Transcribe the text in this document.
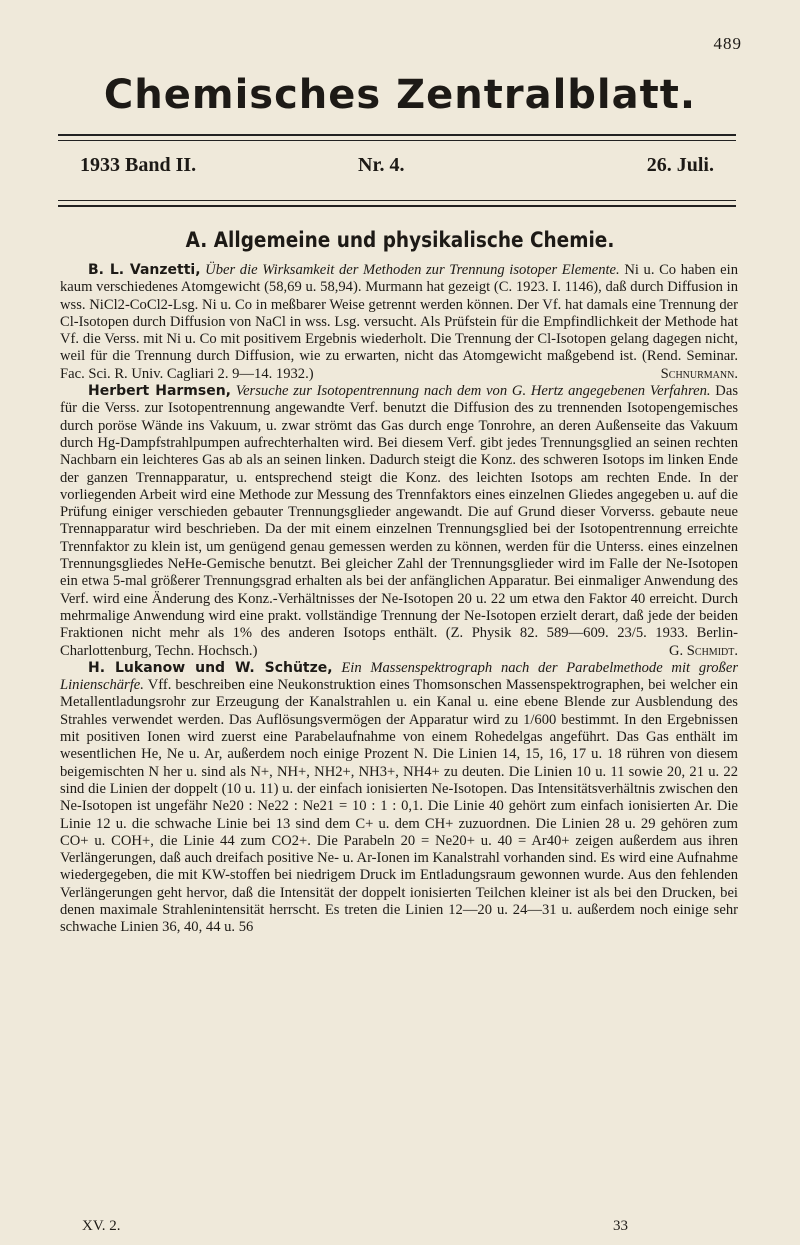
489
Chemisches Zentralblatt.
1933 Band II.	Nr. 4.	26. Juli.
A. Allgemeine und physikalische Chemie.

B. L. Vanzetti, Über die Wirksamkeit der Methoden zur Trennung isotoper Elemente. Ni u. Co haben ein kaum verschiedenes Atomgewicht (58,69 u. 58,94). Murmann hat gezeigt (C. 1923. I. 1146), daß durch Diffusion in wss. NiCl2-CoCl2-Lsg. Ni u. Co in meßbarer Weise getrennt werden können. Der Vf. hat damals eine Trennung der Cl-Isotopen durch Diffusion von NaCl in wss. Lsg. versucht. Als Prüfstein für die Empfindlichkeit der Methode hat Vf. die Verss. mit Ni u. Co mit positivem Ergebnis wiederholt. Die Trennung der Cl-Isotopen gelang dagegen nicht, weil für die Trennung durch Diffusion, wie zu erwarten, nicht das Atomgewicht maßgebend ist. (Rend. Seminar. Fac. Sci. R. Univ. Cagliari 2. 9—14. 1932.)	Schnurmann.

Herbert Harmsen, Versuche zur Isotopentrennung nach dem von G. Hertz angegebenen Verfahren. Das für die Verss. zur Isotopentrennung angewandte Verf. benutzt die Diffusion des zu trennenden Isotopengemisches durch poröse Wände ins Vakuum, u. zwar strömt das Gas durch enge Tonrohre, an deren Außenseite das Vakuum durch Hg-Dampfstrahlpumpen aufrechterhalten wird. Bei diesem Verf. gibt jedes Trennungsglied an seinen rechten Nachbarn ein leichteres Gas ab als an seinen linken. Dadurch steigt die Konz. des schweren Isotops im linken Ende der ganzen Trennapparatur, u. entsprechend steigt die Konz. des leichten Isotops am rechten Ende. In der vorliegenden Arbeit wird eine Methode zur Messung des Trennfaktors eines einzelnen Gliedes angegeben u. auf die Prüfung einiger verschieden gebauter Trennungsglieder angewandt. Die auf Grund dieser Vorverss. gebaute neue Trennapparatur wird beschrieben. Da der mit einem einzelnen Trennungsglied bei der Isotopentrennung erreichte Trennfaktor zu klein ist, um genügend genau gemessen werden zu können, werden für die Unterss. eines einzelnen Trennungsgliedes NeHe-Gemische benutzt. Bei gleicher Zahl der Trennungsglieder wird im Falle der Ne-Isotopen ein etwa 5-mal größerer Trennungsgrad erhalten als bei der anfänglichen Apparatur. Bei einmaliger Anwendung des Verf. wird eine Änderung des Konz.-Verhältnisses der Ne-Isotopen 20 u. 22 um etwa den Faktor 40 erreicht. Durch mehrmalige Anwendung wird eine prakt. vollständige Trennung der Ne-Isotopen erzielt derart, daß jede der beiden Fraktionen nicht mehr als 1% des anderen Isotops enthält. (Z. Physik 82. 589—609. 23/5. 1933. Berlin-Charlottenburg, Techn. Hochsch.)	G. Schmidt.

H. Lukanow und W. Schütze, Ein Massenspektrograph nach der Parabelmethode mit großer Linienschärfe. Vff. beschreiben eine Neukonstruktion eines Thomsonschen Massenspektrographen, bei welcher ein Metallentladungsrohr zur Erzeugung der Kanalstrahlen u. ein Kanal u. eine ebene Blende zur Ausblendung des Strahles verwendet werden. Das Auflösungsvermögen der Apparatur wird zu 1/600 bestimmt. In den Ergebnissen mit positiven Ionen wird zuerst eine Parabelaufnahme von einem Rohedelgas angeführt. Das Gas enthält im wesentlichen He, Ne u. Ar, außerdem noch einige Prozent N. Die Linien 14, 15, 16, 17 u. 18 rühren von diesem beigemischten N her u. sind als N+, NH+, NH2+, NH3+, NH4+ zu deuten. Die Linien 10 u. 11 sowie 20, 21 u. 22 sind die Linien der doppelt (10 u. 11) u. der einfach ionisierten Ne-Isotopen. Das Intensitätsverhältnis zwischen den Ne-Isotopen ist ungefähr Ne20 : Ne22 : Ne21 = 10 : 1 : 0,1. Die Linie 40 gehört zum einfach ionisierten Ar. Die Linie 12 u. die schwache Linie bei 13 sind dem C+ u. dem CH+ zuzuordnen. Die Linien 28 u. 29 gehören zum CO+ u. COH+, die Linie 44 zum CO2+. Die Parabeln 20 = Ne20+ u. 40 = Ar40+ zeigen außerdem aus ihren Verlängerungen, daß auch dreifach positive Ne- u. Ar-Ionen im Kanalstrahl vorhanden sind. Es wird eine Aufnahme wiedergegeben, die mit KW-stoffen bei niedrigem Druck im Entladungsraum gewonnen wurde. Aus den fehlenden Verlängerungen geht hervor, daß die Intensität der doppelt ionisierten Teilchen kleiner ist als bei den Drucken, bei denen maximale Strahlenintensität herrscht. Es treten die Linien 12—20 u. 24—31 u. außerdem noch einige sehr schwache Linien 36, 40, 44 u. 56

XV. 2.	33
